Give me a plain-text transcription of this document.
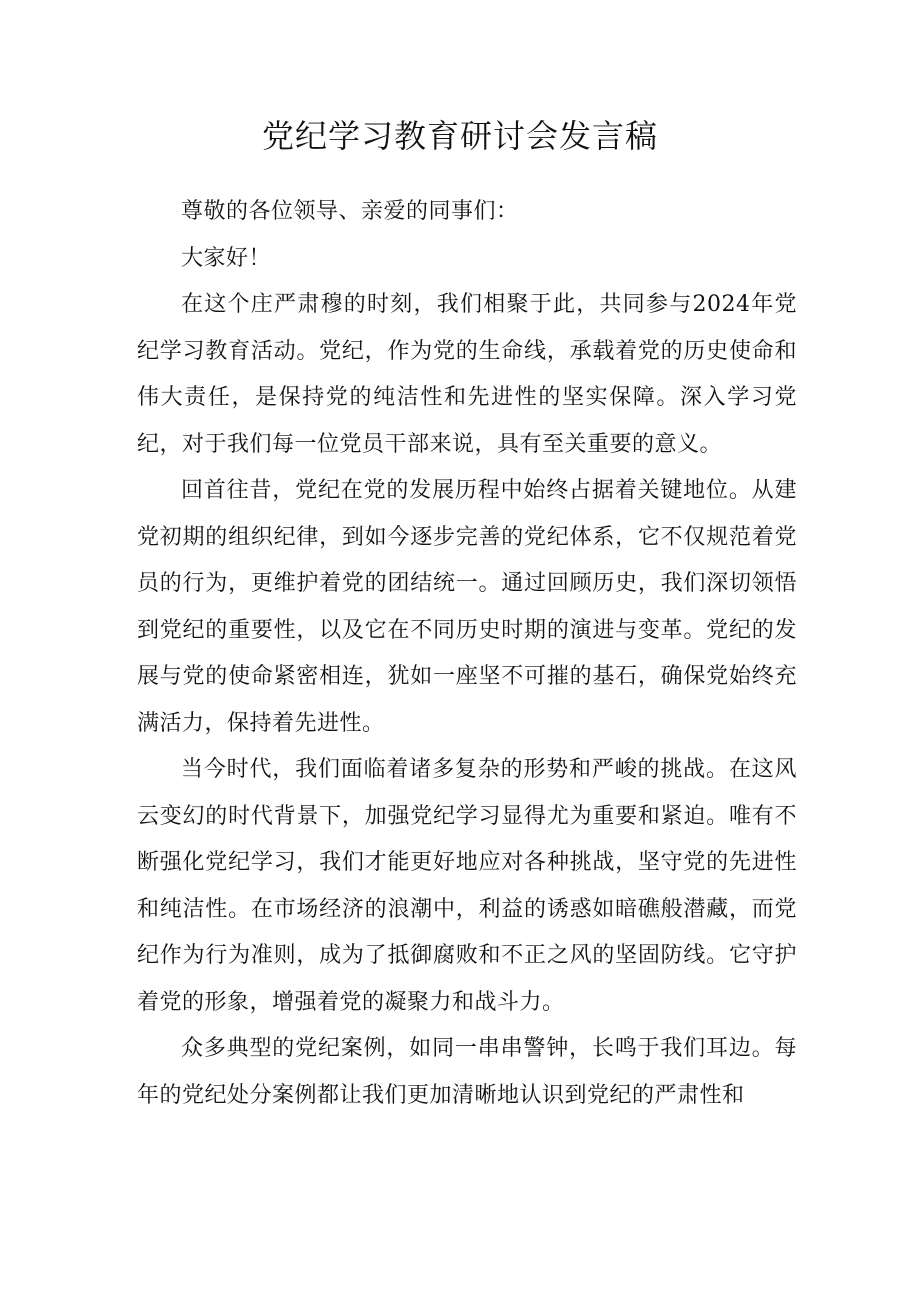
党纪学习教育研讨会发言稿

尊敬的各位领导、亲爱的同事们：

大家好！

在这个庄严肃穆的时刻，我们相聚于此，共同参与2024年党纪学习教育活动。党纪，作为党的生命线，承载着党的历史使命和伟大责任，是保持党的纯洁性和先进性的坚实保障。深入学习党纪，对于我们每一位党员干部来说，具有至关重要的意义。

回首往昔，党纪在党的发展历程中始终占据着关键地位。从建党初期的组织纪律，到如今逐步完善的党纪体系，它不仅规范着党员的行为，更维护着党的团结统一。通过回顾历史，我们深切领悟到党纪的重要性，以及它在不同历史时期的演进与变革。党纪的发展与党的使命紧密相连，犹如一座坚不可摧的基石，确保党始终充满活力，保持着先进性。

当今时代，我们面临着诸多复杂的形势和严峻的挑战。在这风云变幻的时代背景下，加强党纪学习显得尤为重要和紧迫。唯有不断强化党纪学习，我们才能更好地应对各种挑战，坚守党的先进性和纯洁性。在市场经济的浪潮中，利益的诱惑如暗礁般潜藏，而党纪作为行为准则，成为了抵御腐败和不正之风的坚固防线。它守护着党的形象，增强着党的凝聚力和战斗力。

众多典型的党纪案例，如同一串串警钟，长鸣于我们耳边。每年的党纪处分案例都让我们更加清晰地认识到党纪的严肃性和
